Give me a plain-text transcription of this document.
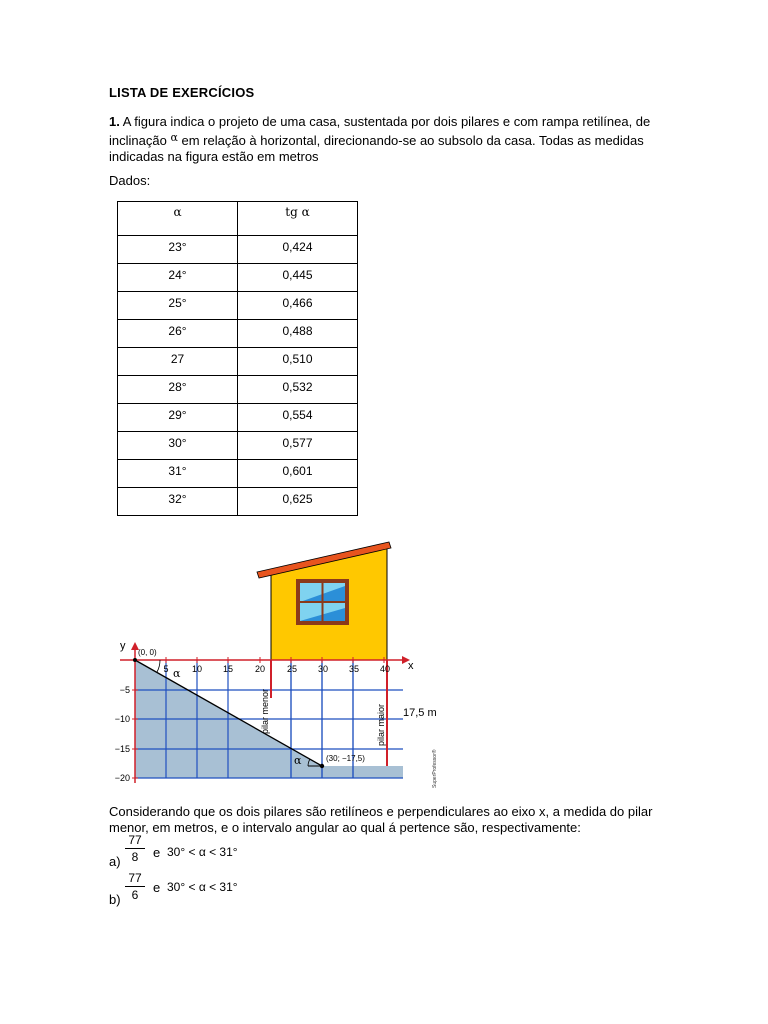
LISTA DE EXERCÍCIOS
1. A figura indica o projeto de uma casa, sustentada por dois pilares e com rampa retilínea, de
inclinação $^\alpha$ em relação à horizontal, direcionando-se ao subsolo da casa. Todas as medidas
indicadas na figura estão em metros
Dados:
α	tg α
23°	0,424
24°	0,445
25°	0,466
26°	0,488
27	0,510
28°	0,532
29°	0,554
30°	0,577
31°	0,601
32°	0,625
5	10 15 20 25 30 35 40
−5
−10
−15
−20
x
y
(0, 0)
α
α	(30; −17,5)
pilar menor	pilar maior 17,5 m
SuperProfessor®
Considerando que os dois pilares são retilíneos e perpendiculares ao eixo x, a medida do pilar
menor, em metros, e o intervalo angular ao qual á pertence são, respectivamente:
$a) \frac{77}{8}$ e 30° < α < 31°
$b) \frac{77}{6}$ e 30° < α < 31°
